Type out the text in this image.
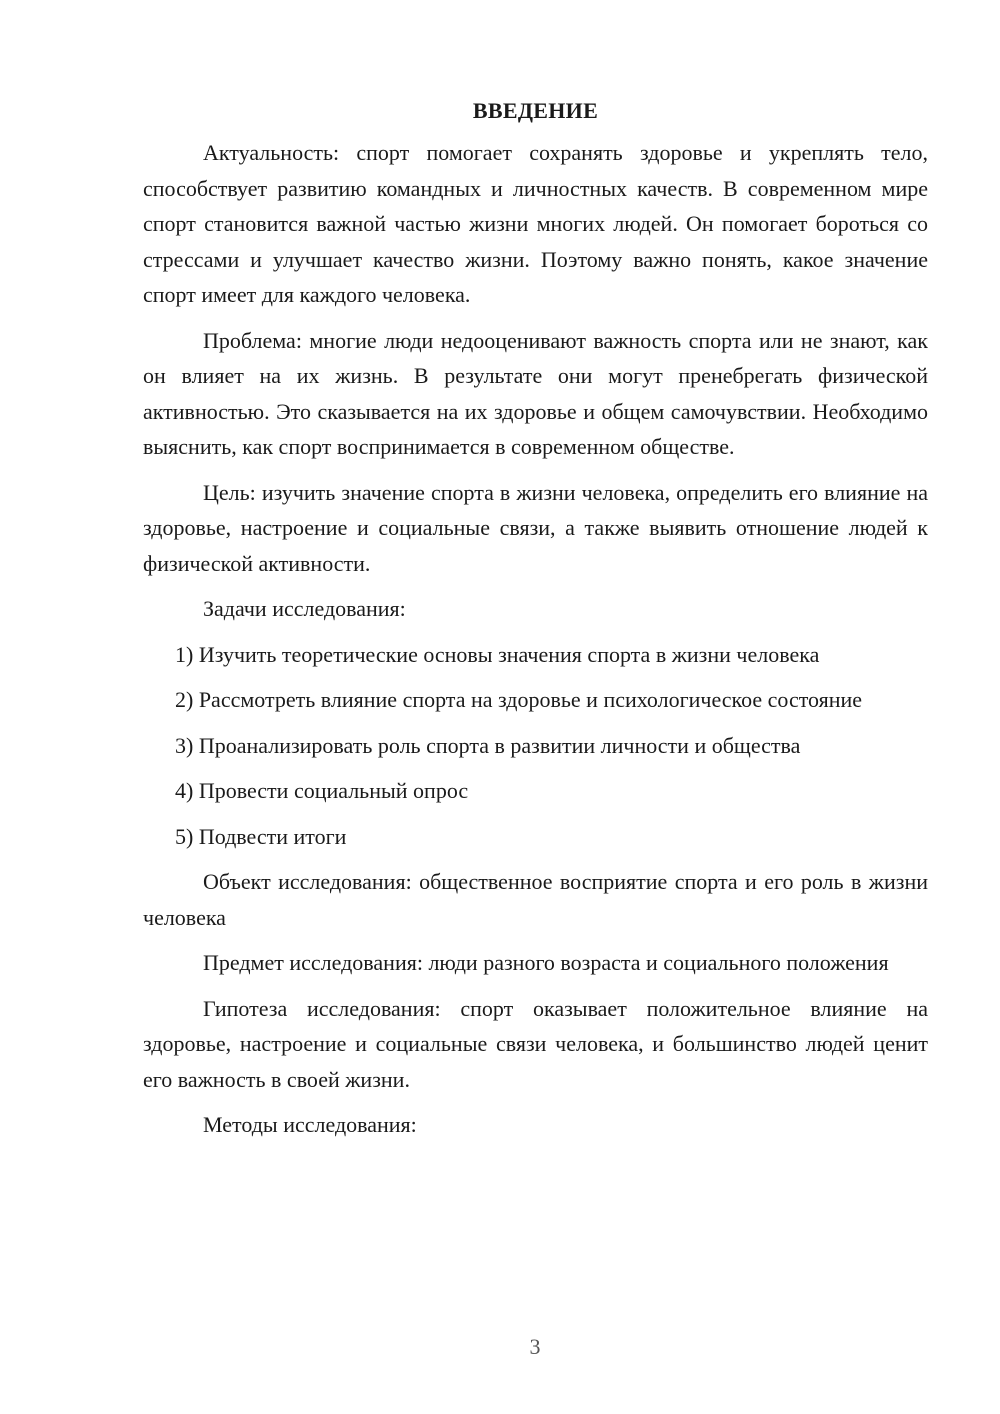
ВВЕДЕНИЕ

Актуальность: спорт помогает сохранять здоровье и укреплять тело, способствует развитию командных и личностных качеств. В современном мире спорт становится важной частью жизни многих людей. Он помогает бороться со стрессами и улучшает качество жизни. Поэтому важно понять, какое значение спорт имеет для каждого человека.

Проблема: многие люди недооценивают важность спорта или не знают, как он влияет на их жизнь. В результате они могут пренебрегать физической активностью. Это сказывается на их здоровье и общем самочувствии. Необходимо выяснить, как спорт воспринимается в современном обществе.

Цель: изучить значение спорта в жизни человека, определить его влияние на здоровье, настроение и социальные связи, а также выявить отношение людей к физической активности.

Задачи исследования:

1) Изучить теоретические основы значения спорта в жизни человека

2) Рассмотреть влияние спорта на здоровье и психологическое состояние

3) Проанализировать роль спорта в развитии личности и общества

4) Провести социальный опрос

5) Подвести итоги

Объект исследования: общественное восприятие спорта и его роль в жизни человека

Предмет исследования: люди разного возраста и социального положения

Гипотеза исследования: спорт оказывает положительное влияние на здоровье, настроение и социальные связи человека, и большинство людей ценит его важность в своей жизни.

Методы исследования:

3
